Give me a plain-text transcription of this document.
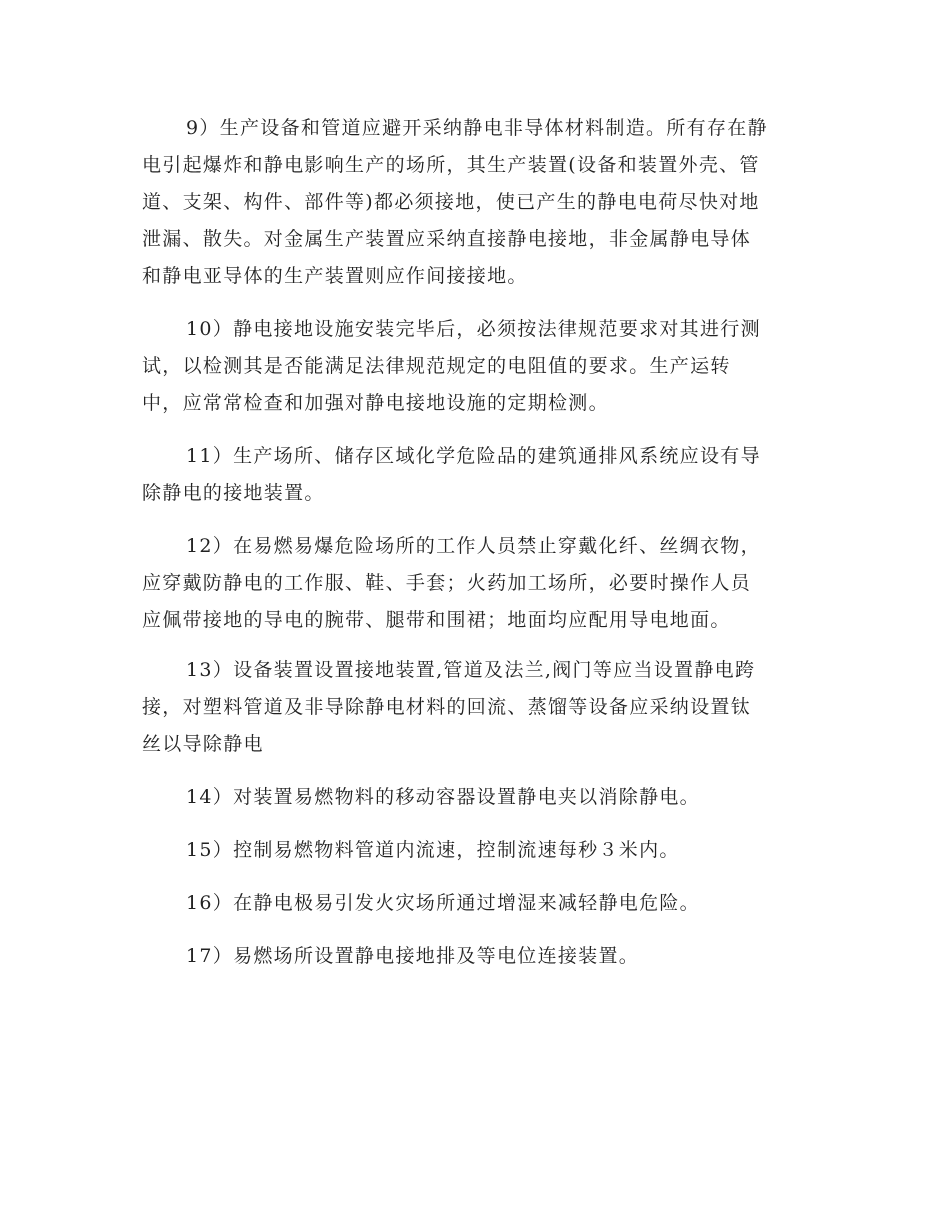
9）生产设备和管道应避开采纳静电非导体材料制造。所有存在静
电引起爆炸和静电影响生产的场所，其生产装置(设备和装置外壳、管
道、支架、构件、部件等)都必须接地，使已产生的静电电荷尽快对地
泄漏、散失。对金属生产装置应采纳直接静电接地，非金属静电导体
和静电亚导体的生产装置则应作间接接地。

10）静电接地设施安装完毕后，必须按法律规范要求对其进行测
试，以检测其是否能满足法律规范规定的电阻值的要求。生产运转
中，应常常检查和加强对静电接地设施的定期检测。

11）生产场所、储存区域化学危险品的建筑通排风系统应设有导
除静电的接地装置。

12）在易燃易爆危险场所的工作人员禁止穿戴化纤、丝绸衣物，
应穿戴防静电的工作服、鞋、手套；火药加工场所，必要时操作人员
应佩带接地的导电的腕带、腿带和围裙；地面均应配用导电地面。

13）设备装置设置接地装置,管道及法兰,阀门等应当设置静电跨
接，对塑料管道及非导除静电材料的回流、蒸馏等设备应采纳设置钛
丝以导除静电

14）对装置易燃物料的移动容器设置静电夹以消除静电。

15）控制易燃物料管道内流速，控制流速每秒３米内。

16）在静电极易引发火灾场所通过增湿来减轻静电危险。

17）易燃场所设置静电接地排及等电位连接装置。
